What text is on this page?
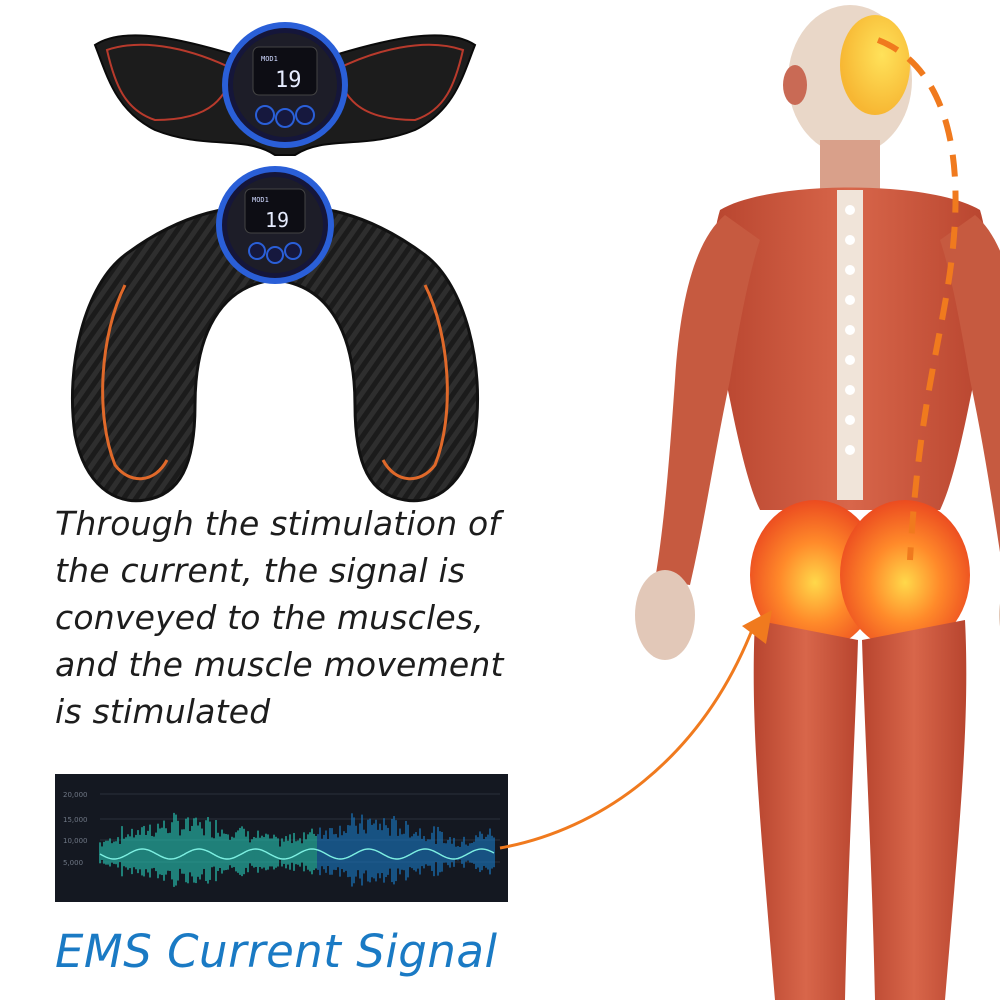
MOD1
19
MOD1
19
Through the stimulation of
the current, the signal is
conveyed to the muscles,
and the muscle movement
is stimulated
20,000
15,000
10,000
5,000
EMS Current Signal
